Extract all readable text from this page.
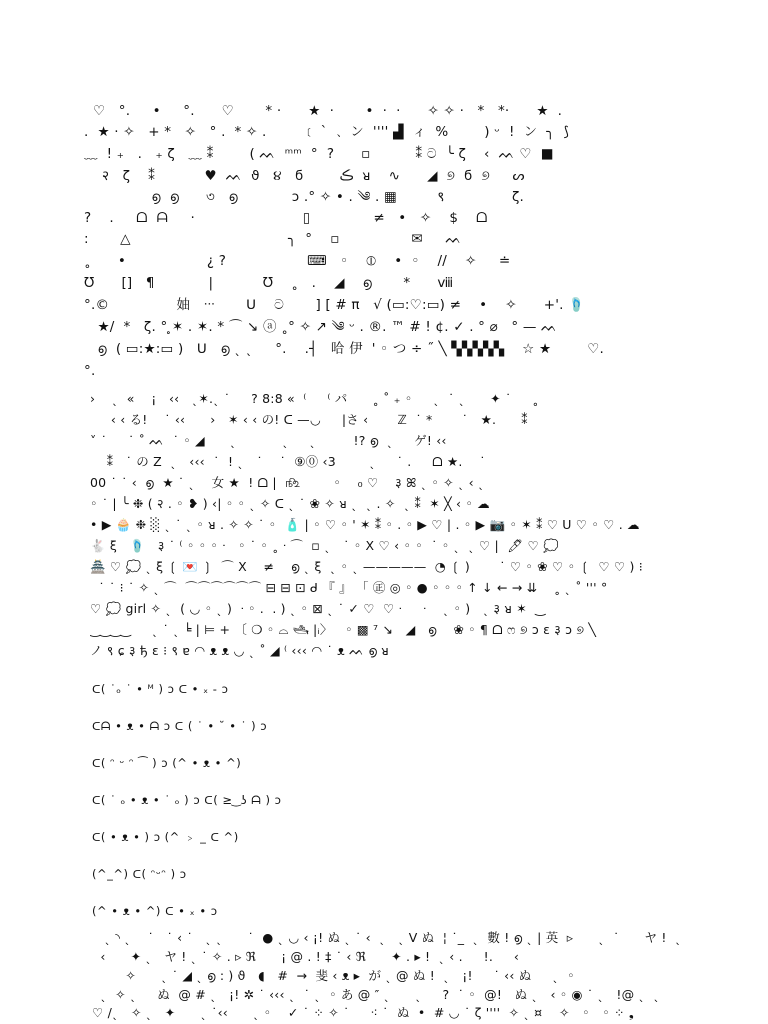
♡   °.     •     °.      ♡       * ·      ★  ·       •  ·  ·      ✧ ✧ ·   *   *·      ★  .
.  ★ · ✧   + *   ✧   ° .  * ✧ .        ﹝ ` ﹑ ン  '''' ▟  ィ  %        ) ᵕ  !  ン  ╮  ⟆
﹏  ! ₊   .   ₊ ζ   ﹏ ⁑        ( ᨓ  ᵐᵐ  °  ?      ▫          ⁑ ට  ╰ ζ    ‹  ᨓ ♡  ■
२   ζ    ⁑           ♥  ᨓ  ϑ   ૪   ϭ        ڪ  ᴚ    ∿      ◢  ୭  ϭ  ୭     ᔕ
൭  ൭      ৩   ൭            ɔ .° ✧ • . ༄ . ▦         ९               ζ.
?    .     ᗝ  ᗩ     ·                        ▯              ≠   •   ✧    $    ᗝ
:       △                                   ╮  °    ▫                ✉     ᨓ
˳      •                  ¿ ?                  ⌨   ◦    ⦶    •  ◦    //    ✧     ≐
Ʊ      []   ¶            |           Ʊ    ˳   .    ◢    ൭       *      ⅷ
°.©               妯   ᐧᐧᐧ       ᑌ    ට       ] [ # π   √ (▭:♡:▭) ≠    •    ✧      +'. 🩴
★/  *   ζ. ° ̥✶ . ✶. * ⌒ ↘ ⓐ ˳° ✧ ↗ ༄ ᵕ . ®. ™ # ! ¢. ✓ . ° ⌀   ° — ᨓ
൭  ( ▭:★:▭ )   ᑌ   ൭ ˎ ˎ     °.    .┤   哈 伊  ' ◦ つ ÷ ˝ ╲ ▚▚▚▚▚    ☆ ★        ♡.
°.
›    ˎ  «    ¡   ‹‹   ˎ✶.ˎ ˙     ? 8:8 «  ⁽     ⁽ パ      ˳ ˚ ₊ ◦     ˎ  ˙ ˎ      ✦ ˙     ˳
‹ ‹ る!    ˙ ‹‹      ›   ✶ ‹ ‹ の! ᑕ —◡     |さ ‹       ℤ  ˙ *       ˙   ★.      ⁑
˅ ˙     ˙ ˚ ᨓ  ˙ ◦ ◢      ˎ           ˎ     ˎ         !? ൭  ˎ     ゲ! ‹‹
⁑   ˙ の Z  ˎ   ‹‹‹  ˙  ! ˎ   ˙    ˙  ⑨⓪ ‹3        ˎ     ˙ .     ᗝ ★.    ˙
00 ˙ ˙ ‹  ൭  ★ ˙ ˎ    女 ★  ! ᗝ |  ௺        ◦    ₀ ♡    ३ ꕤ ˎ ◦ ✧ ˎ ‹ ˎ
◦ ˙ | ╰ ❉ ( २ . ◦ ❥ ) ‹| ◦ ◦ ˎ ✧ ᑕ ˎ ˙ ❀ ✧ ᴚ ˎ  ˎ . ✧  ˎ ⁑  ✶ ╳ ‹ ◦ ☁
• ▶ 🧁 ❉ ░ ˎ ˙ ˎ ◦ ᴚ . ✧ ✧ ˙ ◦  🧴 | ◦ ♡ ◦ ' ✶ ⁑ ◦ . ◦ ▶ ♡ | . ◦ ▶ 📷 ◦ ✶ ⁑ ♡ ᑌ ♡ ◦ ♡ . ☁
🐇 ξ   🩴   ३ ˙ ⁽ ◦ ◦ ◦ ᐧ   ◦ ˙ ◦ ˳ ᐧ ⌒  ▫ ˎ   ˙ ◦ X ♡ ‹ ◦ ◦  ˙ ◦ ˎ  ˎ ♡ |  🖊 ♡ 💭
🏯 ♡ 💭 ˎ ξ ❲ 💌 ❳  ⌒ X    ≠    ൭ ˎ ξ  ˎ ◦ ˎ —————  ◔ ❲ )       ˙ ♡ ◦ ❀ ♡ ◦ ❲  ♡ ♡ ) ⁝
˙ ˙ ⁝ ˙ ✧ ˎ ⌒  ⌒⌒⌒⌒⌒⌒ ⊟ ⊟ ⊡ ᑯ 『 』 「 ㊣ ◎ ◦ ● ◦ ◦ ◦ ↑ ↓ ← → ⇊    ˳ ˎ ˚ ''' °
♡ 💭 girl ✧ ˎ  ( ◡ ◦ ˎ )  ᐧ ◦ .  . ) ˎ ◦ ⊠ ˎ ˙ ✓ ♡  ♡ ᐧ     ᐧ    ˎ ◦ )   ˎ ३ ᴚ ✶  ‿
‿‿‿‿     ˎ ˙ ˎ ╘ | ⊨ + 〔 ❍ ◦ ⌓ 🛥 |ᵢ〉   ◦ ▩ ⁷ ↘   ◢   ൭    ❀ ◦ ¶ ᗝ ෆ ୭ ɔ ɛ ३ ɔ ୭ ╲
ノ ९ ɕ ३ ђ ɛ ⁝ ९ ɐ ◠ ᴥ ᴥ ◡ ˎ ˚ ◢ ⁽ ‹‹‹ ◠ ˙ ᴥ ᨓ ൭ ᴚ
ᑕ( ˙ₒ ˙ • ᴹ ) ɔ ᑕ • ₓ - ɔ
ᑕᗩ • ᴥ • ᗩ ɔ ᑕ ( ˙ • ˘ • ˙ ) ɔ
ᑕ( ᵔ ᵕ ᵔ ⁀ ) ɔ (^ • ᴥ • ^)
ᑕ( ˙ ₒ • ᴥ • ˙ ₒ ) ɔ ᑕ( ≥ ͜ ʖ ᗩ ) ɔ
ᑕ( • ᴥ • ) ɔ (^ ﹥ _ ᑕ ^)
(^_^) ᑕ( ᵔᵕᵔ ) ɔ
(^ • ᴥ • ^) ᑕ • ₓ • ɔ
ˎ ◝ ˎ    ˙   ˙ ‹ ˙   ˎ ˎ      ˙  ● ˎ ◡ ‹ ¡! ぬ ˎ ˙ ‹  ˎ   ˎ V ぬ  ¦ ˙_  ˎ  數 ! ൭ ˎ | 英  ▹      ˎ  ˙      ヤ !  ˎ
‹      ✦ ˎ   ヤ ! ˎ ˙ ✧ . ▹ ℜ      ¡ @ . ! ‡ ˙ ‹ ℜ      ✦ . ▸ !  ˎ ‹ .     !.     ‹
✧      ˎ ˙ ◢ ˎ ൭ : ) ϑ   ◖   #  →  斐 ‹ ᴥ ▸  が ˎ @ ぬ !  ˎ   ¡!     ˙ ‹‹ ぬ     ˎ  ◦
ˎ  ✧ ˎ     ぬ  @ # ˎ   ¡! ✲ ˙ ‹‹‹ ˎ  ˙ ˎ  ◦ あ @ ″ ˎ      ˎ     ?  ˙ ◦  @!   ぬ ˎ   ‹ ◦ ◉ ˙ ˎ   !@ ˎ  ˎ
♡ /ˎ   ✧ ˎ   ✦      ˎ ˙‹‹      ˎ ◦    ✓ ˙ ⁘ ✧ ˙     ⁖ ˙  ぬ  •  # ◡ ˙ ζ ''''  ✧ ˎ ¤    ✧   ◦   ◦ ⁘ ❟
